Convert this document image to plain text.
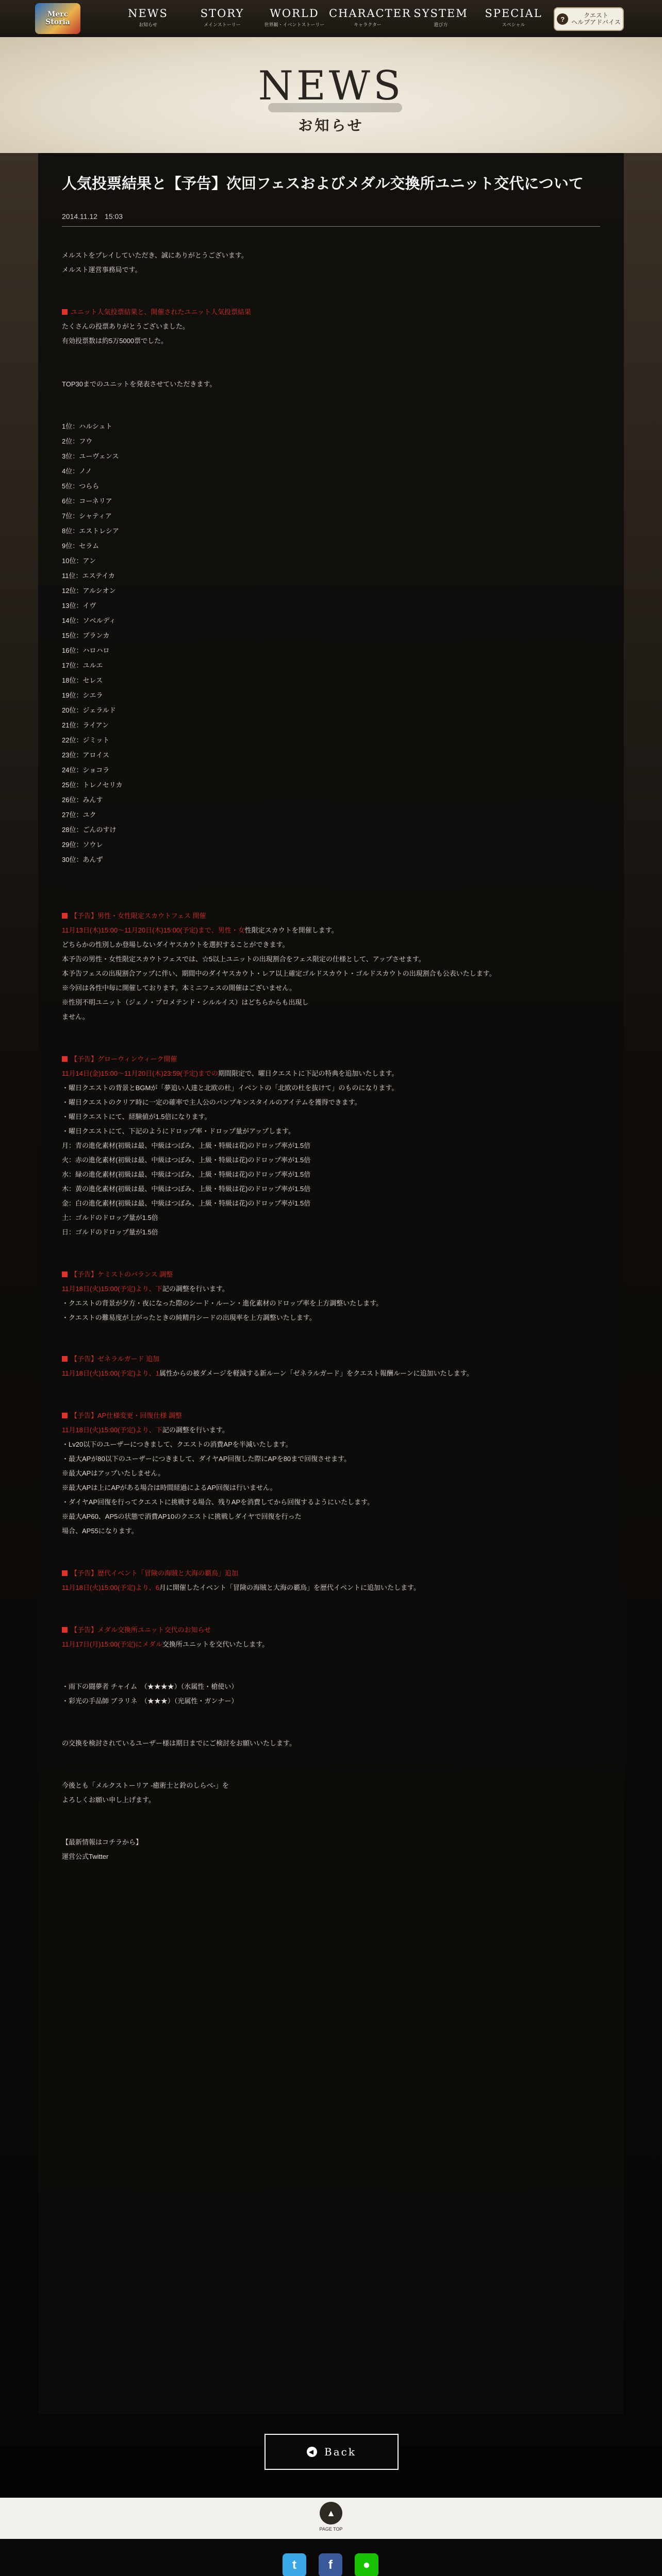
Merc Storia
NEWS
お知らせ
STORY
メインストーリー
WORLD
世界観・イベントストーリー
CHARACTER
キャラクター
SYSTEM
遊び方
SPECIAL
スペシャル
?	クエスト
ヘルプアドバイス
NEWS
お知らせ
人気投票結果と【予告】次回フェスおよびメダル交換所ユニット交代について
2014.11.12　15:03
メルストをプレイしていただき、誠にありがとうございます。
メルスト運営事務局です。
ユニット人気投票結果と、開催されたユニット人気投票結果
たくさんの投票ありがとうございました。
有効投票数は約5万5000票でした。
TOP30までのユニットを発表させていただきます。
1位：ハルシュト
2位：フウ
3位：ユーヴェンス
4位：ノノ
5位：つらら
6位：コーネリア
7位：シャティア
8位：エストレシア
9位：セラム
10位：アン
11位：エステイカ
12位：アルシオン
13位：イヴ
14位：ソベルディ
15位：ブランカ
16位：ハロハロ
17位：ユルエ
18位：セレス
19位：シエラ
20位：ジェラルド
21位：ライアン
22位：ジミット
23位：アロイス
24位：ショコラ
25位：トレノセリカ
26位：みんす
27位：ユク
28位：ごんのすけ
29位：ソウレ
30位：あんず
【予告】男性・女性限定スカウトフェス 開催
11月13日(木)15:00〜11月20日(木)15:00(予定)まで、男性・女性限定スカウトを開催します。
どちらかの性別しか登場しないダイヤスカウトを選択することができます。
本予告の男性・女性限定スカウトフェスでは、☆5以上ユニットの出現割合をフェス限定の仕様として、アップさせます。
本予告フェスの出現割合アップに伴い、期間中のダイヤスカウト・レア以上確定ゴルドスカウト・ゴルドスカウトの出現割合も公表いたします。
※今回は各性中毎に開催しております。本ミニフェスの開催はございません。
※性別不明ユニット（ジェノ・プロメテンド・シルルイス）はどちらからも出現し
ません。
【予告】グローウィンウィーク開催
11月14日(金)15:00〜11月20日(木)23:59(予定)までの期間限定で、曜日クエストに下記の特典を追加いたします。
・曜日クエストの背景とBGMが「夢追い人達と北欧の杜」イベントの「北欧の杜を抜けて」のものになります。
・曜日クエストのクリア時に一定の確率で主人公のパンプキンスタイルのアイテムを獲得できます。
・曜日クエストにて、経験値が1.5倍になります。
・曜日クエストにて、下記のようにドロップ率・ドロップ量がアップします。
月：青の進化素材(初級は最、中級はつぼみ、上級・特級は花)のドロップ率が1.5倍
火：赤の進化素材(初級は最、中級はつぼみ、上級・特級は花)のドロップ率が1.5倍
水：緑の進化素材(初級は最、中級はつぼみ、上級・特級は花)のドロップ率が1.5倍
木：黄の進化素材(初級は最、中級はつぼみ、上級・特級は花)のドロップ率が1.5倍
金：白の進化素材(初級は最、中級はつぼみ、上級・特級は花)のドロップ率が1.5倍
土：ゴルドのドロップ量が1.5倍
日：ゴルドのドロップ量が1.5倍
【予告】ケミストのバランス 調整
11月18日(火)15:00(予定)より、下記の調整を行います。
・クエストの背景が夕方・夜になった際のシード・ルーン・進化素材のドロップ率を上方調整いたします。
・クエストの難易度が上がったときの純精丹シードの出現率を上方調整いたします。
【予告】ゼネラルガード 追加
11月18日(火)15:00(予定)より、1属性からの被ダメージを軽減する新ルーン「ゼネラルガード」をクエスト報酬ルーンに追加いたします。
【予告】AP仕様変更・回復仕様 調整
11月18日(火)15:00(予定)より、下記の調整を行います。
・Lv20以下のユーザーにつきまして、クエストの消費APを半減いたします。
・最大APが80以下のユーザーにつきまして、ダイヤAP回復した際にAPを80まで回復させます。
※最大APはアップいたしません。
※最大APは上にAPがある場合は時間経過によるAP回復は行いません。
・ダイヤAP回復を行ってクエストに挑戦する場合、残りAPを消費してから回復するようにいたします。
※最大AP60、AP5の状態で消費AP10のクエストに挑戦しダイヤで回復を行った
場合、AP55になります。
【予告】歴代イベント「冒険の海賊と大海の覇鳥」追加
11月18日(火)15:00(予定)より、6月に開催したイベント「冒険の海賊と大海の覇鳥」を歴代イベントに追加いたします。
【予告】メダル交換所ユニット交代のお知らせ
11月17日(月)15:00(予定)にメダル交換所ユニットを交代いたします。
・雨下の闘夢者 チャイム　（★★★★）（水属性・槍使い）
・彩光の手品師 ブラリネ　（★★★）（光属性・ガンナー）
の交換を検討されているユーザー様は期日までにご検討をお願いいたします。
今後とも「メルクストーリア -癒術士と鈴のしらべ-」を
よろしくお願い申し上げます。
【最新情報はコチラから】
運営公式Twitter
◀ Back
▲
PAGE TOP
t	f	●
